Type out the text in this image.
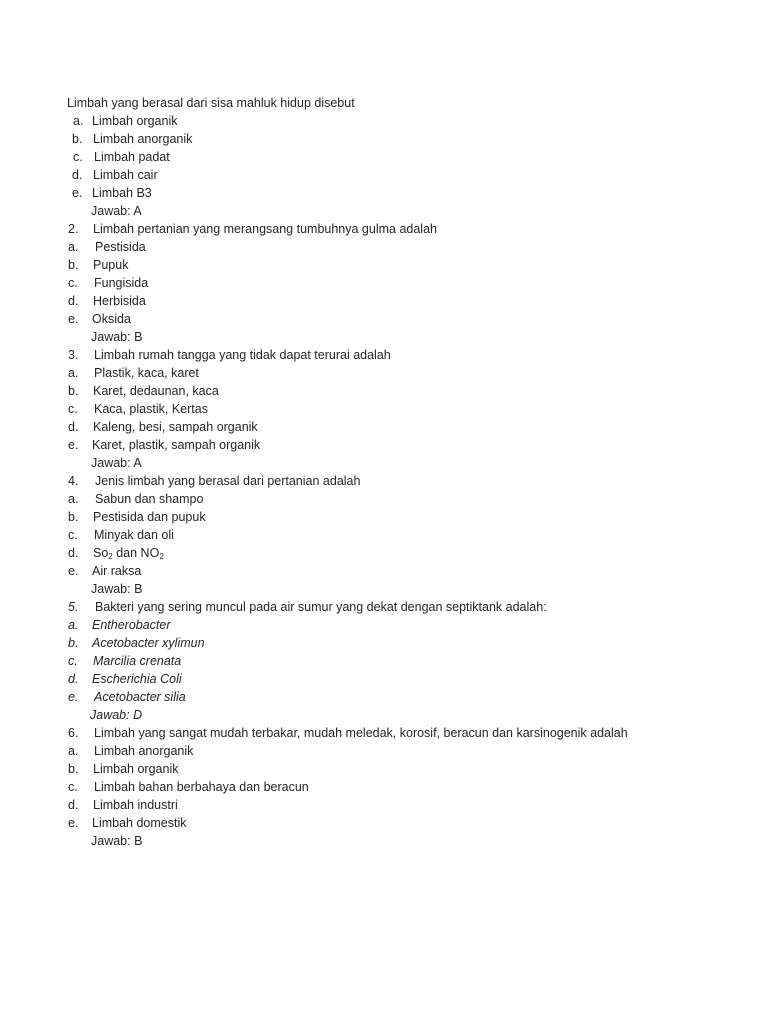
Limbah yang berasal dari sisa mahluk hidup disebut
a. Limbah organik
b. Limbah anorganik
c. Limbah padat
d. Limbah cair
e. Limbah B3
Jawab: A
2. Limbah pertanian yang merangsang tumbuhnya gulma adalah
a. Pestisida
b. Pupuk
c. Fungisida
d. Herbisida
e. Oksida
Jawab: B
3. Limbah rumah tangga yang tidak dapat terurai adalah
a. Plastik, kaca, karet
b. Karet, dedaunan, kaca
c. Kaca, plastik, Kertas
d. Kaleng, besi, sampah organik
e. Karet, plastik, sampah organik
Jawab: A
4. Jenis limbah yang berasal dari pertanian adalah
a. Sabun dan shampo
b. Pestisida dan pupuk
c. Minyak dan oli
d. $So_2$ dan $NO_2$
e. Air raksa
Jawab: B
5. Bakteri yang sering muncul pada air sumur yang dekat dengan septiktank adalah:
a. Entherobacter
b. Acetobacter xylimun
c. Marcilia crenata
d. Escherichia Coli
e. Acetobacter silia
Jawab: D
6. Limbah yang sangat mudah terbakar, mudah meledak, korosif, beracun dan karsinogenik adalah
a. Limbah anorganik
b. Limbah organik
c. Limbah bahan berbahaya dan beracun
d. Limbah industri
e. Limbah domestik
Jawab: B
